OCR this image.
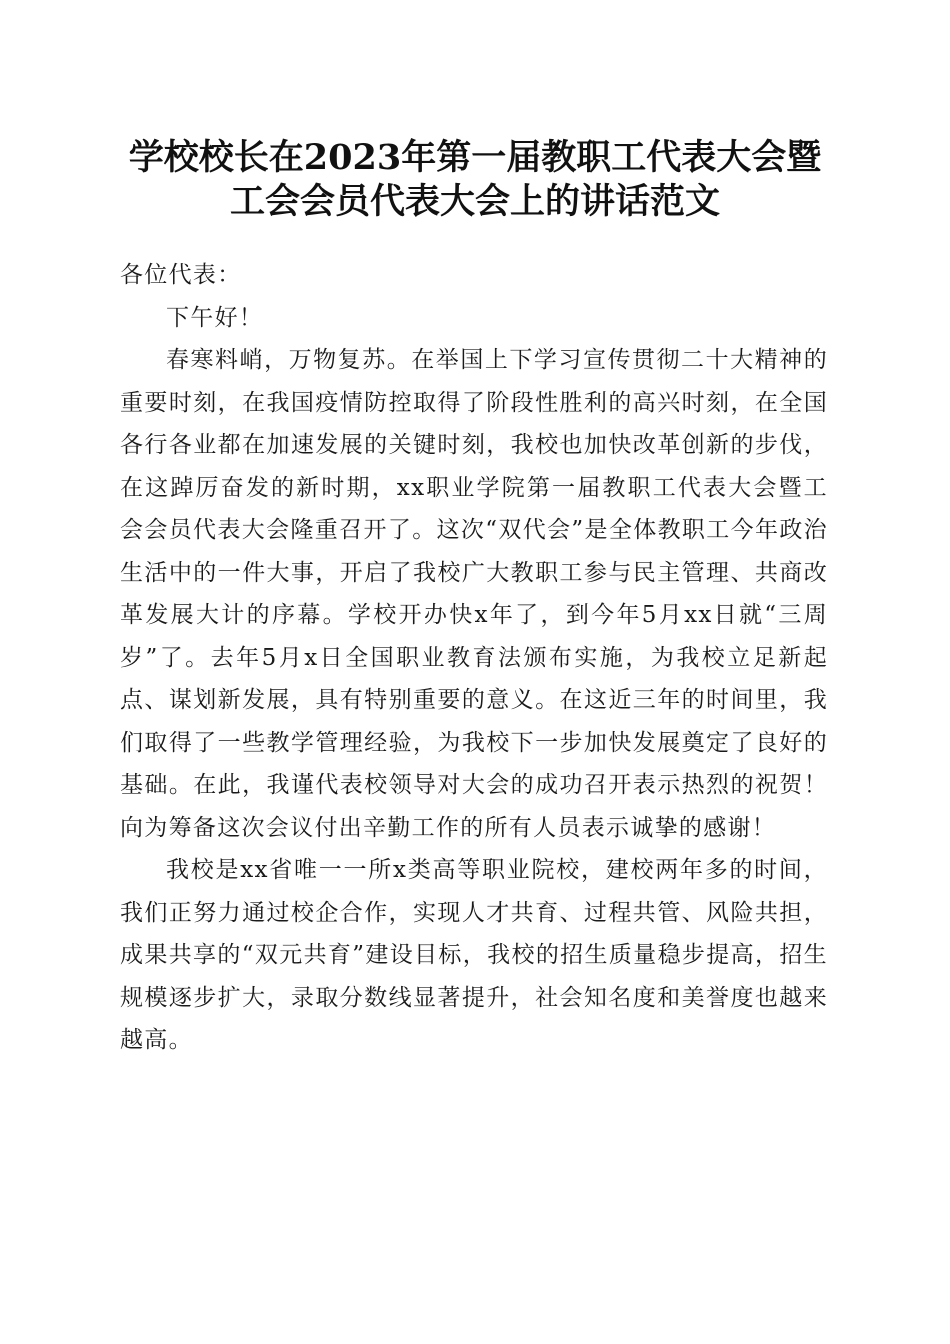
学校校长在2023年第一届教职工代表大会暨
工会会员代表大会上的讲话范文

各位代表：

下午好！

春寒料峭，万物复苏。在举国上下学习宣传贯彻二十大精神的重要时刻，在我国疫情防控取得了阶段性胜利的高兴时刻，在全国各行各业都在加速发展的关键时刻，我校也加快改革创新的步伐，在这踔厉奋发的新时期，xx职业学院第一届教职工代表大会暨工会会员代表大会隆重召开了。这次“双代会”是全体教职工今年政治生活中的一件大事，开启了我校广大教职工参与民主管理、共商改革发展大计的序幕。学校开办快x年了，到今年5月xx日就“三周岁”了。去年5月x日全国职业教育法颁布实施，为我校立足新起点、谋划新发展，具有特别重要的意义。在这近三年的时间里，我们取得了一些教学管理经验，为我校下一步加快发展奠定了良好的基础。在此，我谨代表校领导对大会的成功召开表示热烈的祝贺！向为筹备这次会议付出辛勤工作的所有人员表示诚挚的感谢！

我校是xx省唯一一所x类高等职业院校，建校两年多的时间，我们正努力通过校企合作，实现人才共育、过程共管、风险共担，成果共享的“双元共育”建设目标，我校的招生质量稳步提高，招生规模逐步扩大，录取分数线显著提升，社会知名度和美誉度也越来越高。
